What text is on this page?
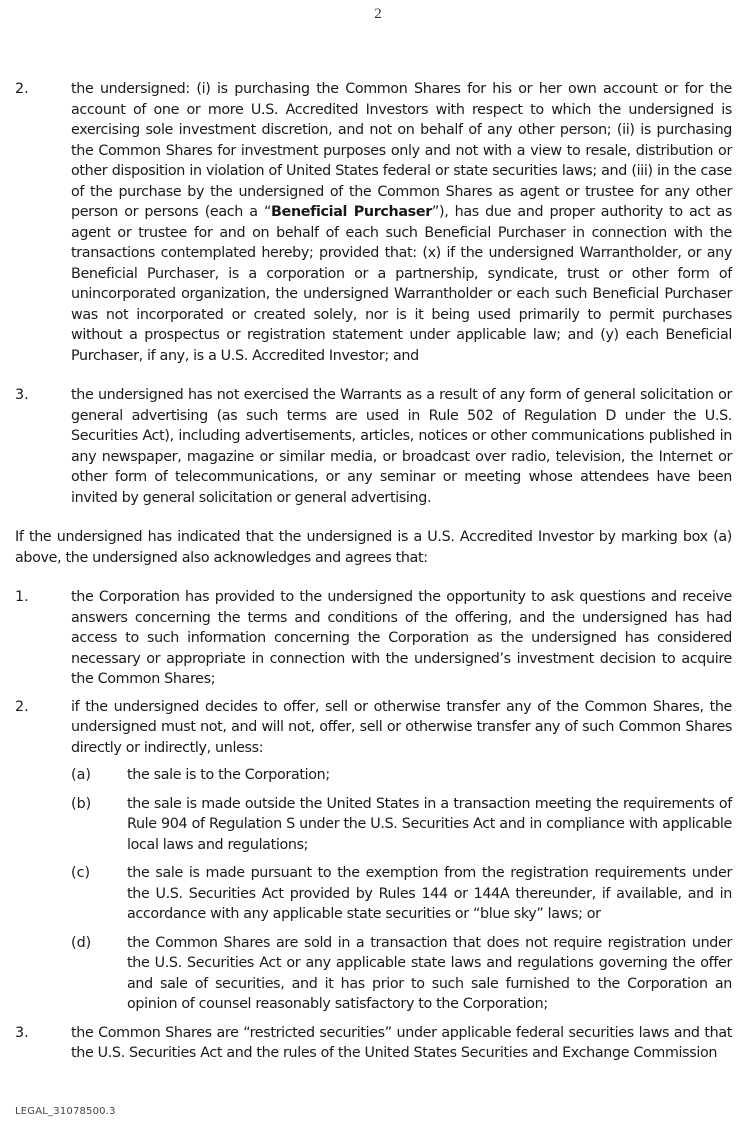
2
2.	the undersigned: (i) is purchasing the Common Shares for his or her own account or for the account of one or more U.S. Accredited Investors with respect to which the undersigned is exercising sole investment discretion, and not on behalf of any other person; (ii) is purchasing the Common Shares for investment purposes only and not with a view to resale, distribution or other disposition in violation of United States federal or state securities laws; and (iii) in the case of the purchase by the undersigned of the Common Shares as agent or trustee for any other person or persons (each a “Beneficial Purchaser”), has due and proper authority to act as agent or trustee for and on behalf of each such Beneficial Purchaser in connection with the transactions contemplated hereby; provided that: (x) if the undersigned Warrantholder, or any Beneficial Purchaser, is a corporation or a partnership, syndicate, trust or other form of unincorporated organization, the undersigned Warrantholder or each such Beneficial Purchaser was not incorporated or created solely, nor is it being used primarily to permit purchases without a prospectus or registration statement under applicable law; and (y) each Beneficial Purchaser, if any, is a U.S. Accredited Investor; and
3.	the undersigned has not exercised the Warrants as a result of any form of general solicitation or general advertising (as such terms are used in Rule 502 of Regulation D under the U.S. Securities Act), including advertisements, articles, notices or other communications published in any newspaper, magazine or similar media, or broadcast over radio, television, the Internet or other form of telecommunications, or any seminar or meeting whose attendees have been invited by general solicitation or general advertising.
If the undersigned has indicated that the undersigned is a U.S. Accredited Investor by marking box (a) above, the undersigned also acknowledges and agrees that:
1.	the Corporation has provided to the undersigned the opportunity to ask questions and receive answers concerning the terms and conditions of the offering, and the undersigned has had access to such information concerning the Corporation as the undersigned has considered necessary or appropriate in connection with the undersigned’s investment decision to acquire the Common Shares;
2.	if the undersigned decides to offer, sell or otherwise transfer any of the Common Shares, the undersigned must not, and will not, offer, sell or otherwise transfer any of such Common Shares directly or indirectly, unless:
(a)	the sale is to the Corporation;
(b)	the sale is made outside the United States in a transaction meeting the requirements of Rule 904 of Regulation S under the U.S. Securities Act and in compliance with applicable local laws and regulations;
(c)	the sale is made pursuant to the exemption from the registration requirements under the U.S. Securities Act provided by Rules 144 or 144A thereunder, if available, and in accordance with any applicable state securities or “blue sky” laws; or
(d)	the Common Shares are sold in a transaction that does not require registration under the U.S. Securities Act or any applicable state laws and regulations governing the offer and sale of securities, and it has prior to such sale furnished to the Corporation an opinion of counsel reasonably satisfactory to the Corporation;
3.	the Common Shares are “restricted securities” under applicable federal securities laws and that the U.S. Securities Act and the rules of the United States Securities and Exchange Commission
LEGAL_31078500.3
